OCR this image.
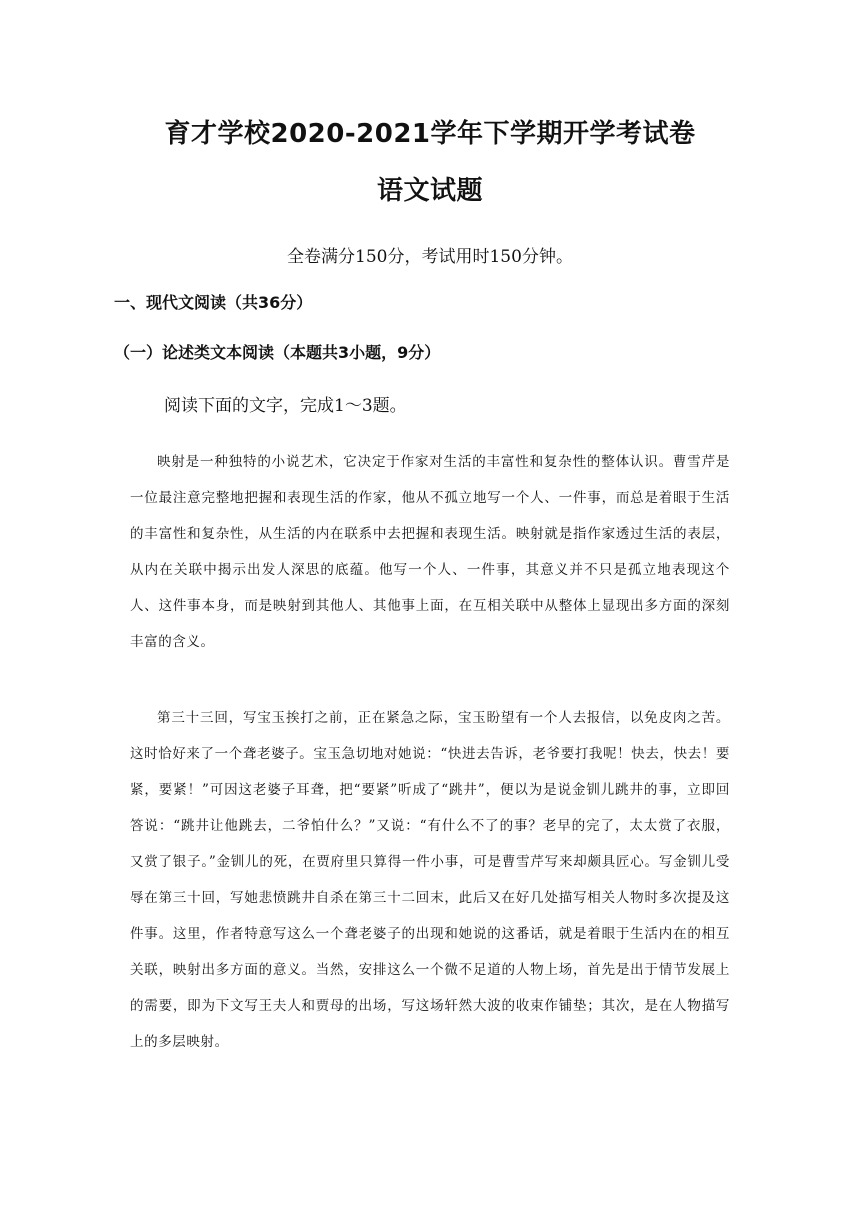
育才学校2020-2021学年下学期开学考试卷
语文试题
全卷满分150分，考试用时150分钟。
一、现代文阅读（共36分）
（一）论述类文本阅读（本题共3小题，9分）
阅读下面的文字，完成1～3题。

映射是一种独特的小说艺术，它决定于作家对生活的丰富性和复杂性的整体认识。曹雪芹是一位最注意完整地把握和表现生活的作家，他从不孤立地写一个人、一件事，而总是着眼于生活的丰富性和复杂性，从生活的内在联系中去把握和表现生活。映射就是指作家透过生活的表层，从内在关联中揭示出发人深思的底蕴。他写一个人、一件事，其意义并不只是孤立地表现这个人、这件事本身，而是映射到其他人、其他事上面，在互相关联中从整体上显现出多方面的深刻丰富的含义。

第三十三回，写宝玉挨打之前，正在紧急之际，宝玉盼望有一个人去报信，以免皮肉之苦。这时恰好来了一个聋老婆子。宝玉急切地对她说：“快进去告诉，老爷要打我呢！快去，快去！要紧，要紧！”可因这老婆子耳聋，把“要紧”听成了“跳井”，便以为是说金钏儿跳井的事，立即回答说：“跳井让他跳去，二爷怕什么？”又说：“有什么不了的事？老早的完了，太太赏了衣服，又赏了银子。”金钏儿的死，在贾府里只算得一件小事，可是曹雪芹写来却颇具匠心。写金钏儿受辱在第三十回，写她悲愤跳井自杀在第三十二回末，此后又在好几处描写相关人物时多次提及这件事。这里，作者特意写这么一个聋老婆子的出现和她说的这番话，就是着眼于生活内在的相互关联，映射出多方面的意义。当然，安排这么一个微不足道的人物上场，首先是出于情节发展上的需要，即为下文写王夫人和贾母的出场，写这场轩然大波的收束作铺垫；其次，是在人物描写上的多层映射。
